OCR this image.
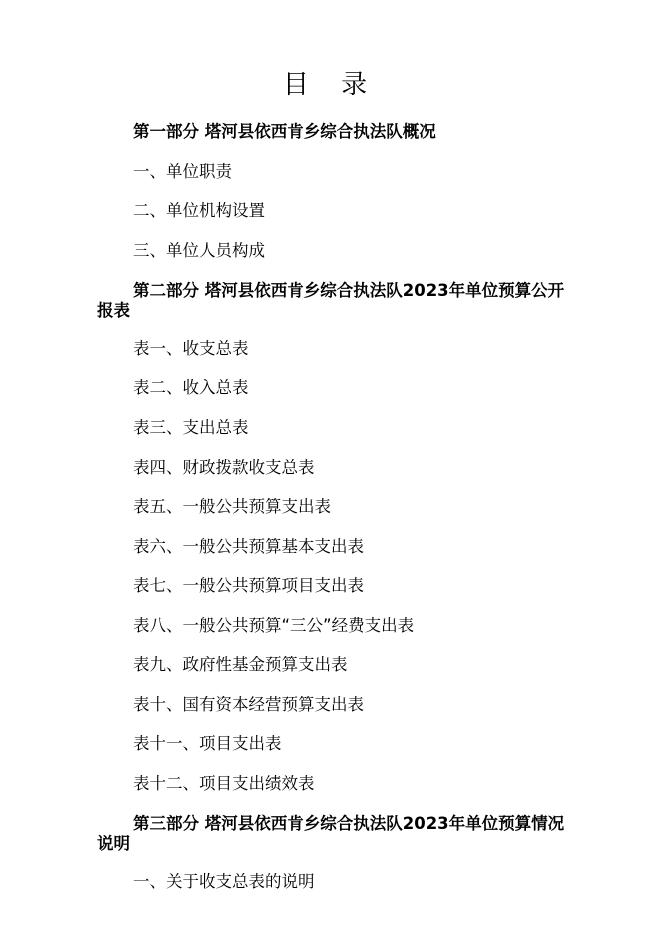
目 录
第一部分 塔河县依西肯乡综合执法队概况
一、单位职责
二、单位机构设置
三、单位人员构成
第二部分 塔河县依西肯乡综合执法队2023年单位预算公开报表
表一、收支总表
表二、收入总表
表三、支出总表
表四、财政拨款收支总表
表五、一般公共预算支出表
表六、一般公共预算基本支出表
表七、一般公共预算项目支出表
表八、一般公共预算“三公”经费支出表
表九、政府性基金预算支出表
表十、国有资本经营预算支出表
表十一、项目支出表
表十二、项目支出绩效表
第三部分 塔河县依西肯乡综合执法队2023年单位预算情况说明
一、关于收支总表的说明
